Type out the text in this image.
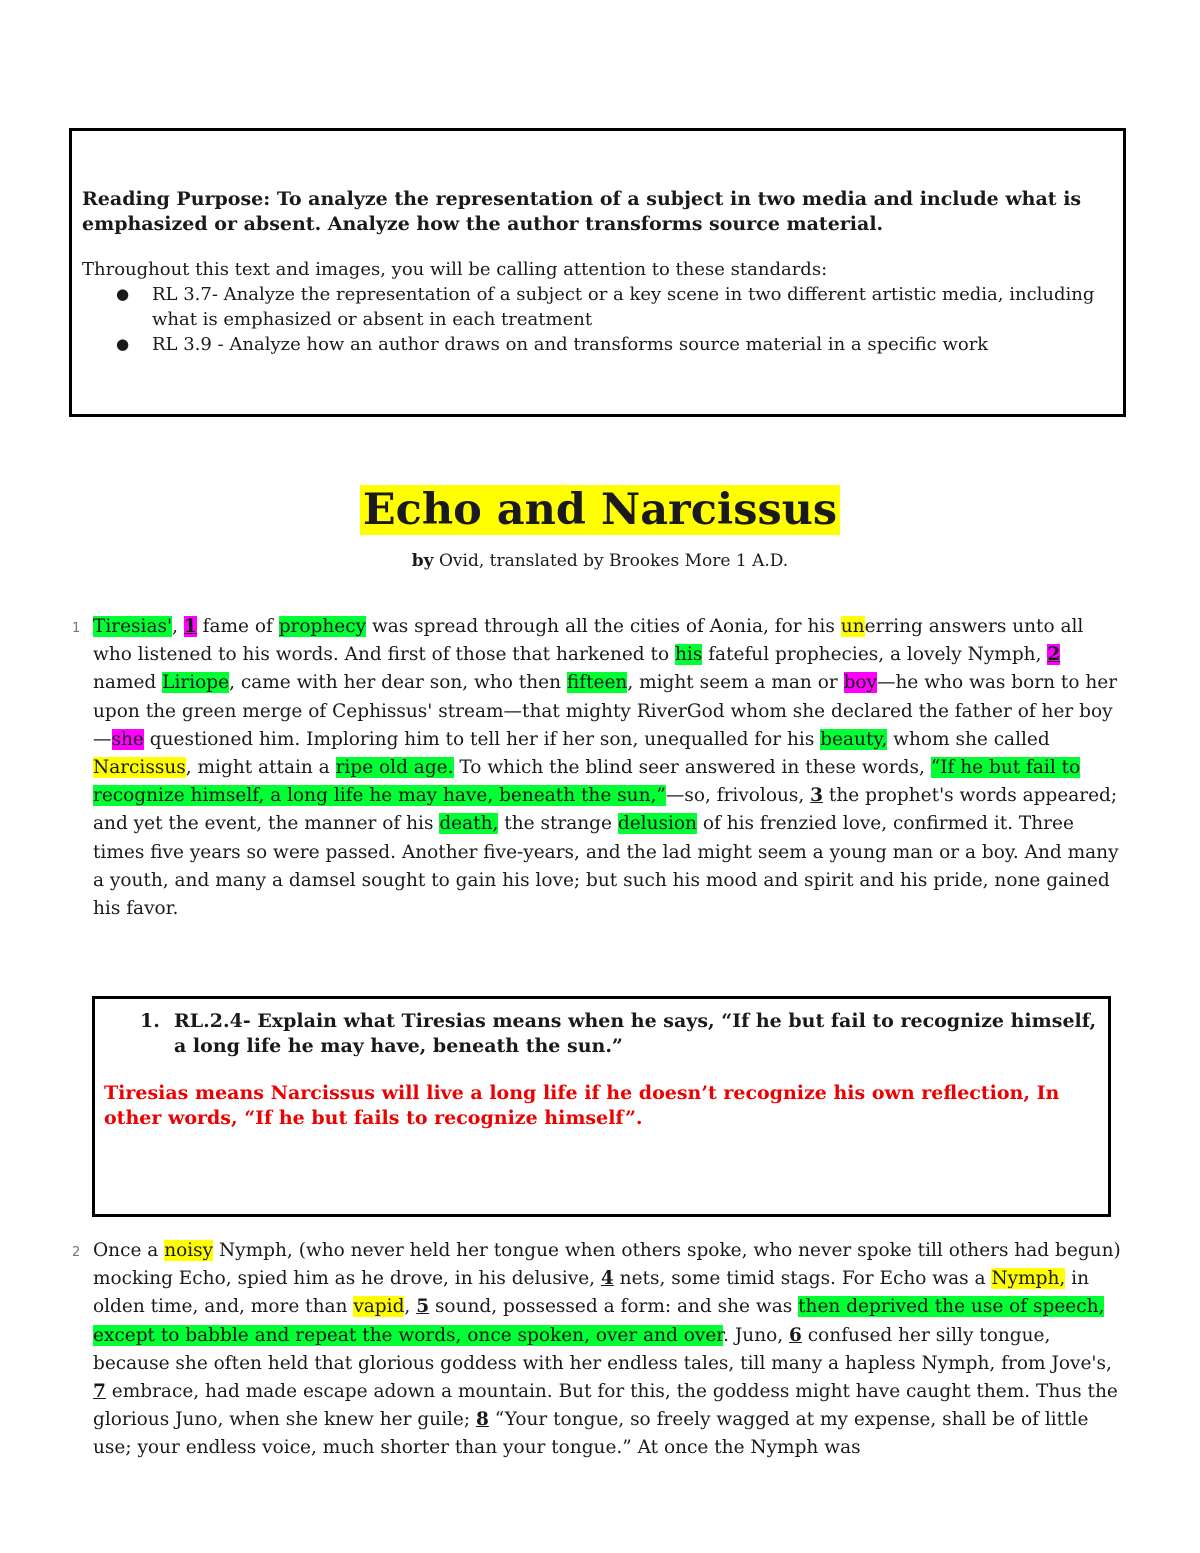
Reading Purpose: To analyze the representation of a subject in two media and include what is emphasized or absent. Analyze how the author transforms source material.

Throughout this text and images, you will be calling attention to these standards:

● RL 3.7- Analyze the representation of a subject or a key scene in two different artistic media, including what is emphasized or absent in each treatment
● RL 3.9 - Analyze how an author draws on and transforms source material in a specific work
Echo and Narcissus
by Ovid, translated by Brookes More 1 A.D.

1 Tiresias', 1 fame of prophecy was spread through all the cities of Aonia, for his unerring answers unto all who listened to his words. And first of those that harkened to his fateful prophecies, a lovely Nymph, 2 named Liriope, came with her dear son, who then fifteen, might seem a man or boy—he who was born to her upon the green merge of Cephissus' stream—that mighty RiverGod whom she declared the father of her boy—she questioned him. Imploring him to tell her if her son, unequalled for his beauty, whom she called Narcissus, might attain a ripe old age. To which the blind seer answered in these words, “If he but fail to recognize himself, a long life he may have, beneath the sun,”—so, frivolous, 3 the prophet's words appeared; and yet the event, the manner of his death, the strange delusion of his frenzied love, confirmed it. Three times five years so were passed. Another five-years, and the lad might seem a young man or a boy. And many a youth, and many a damsel sought to gain his love; but such his mood and spirit and his pride, none gained his favor.

1. RL.2.4- Explain what Tiresias means when he says, “If he but fail to recognize himself, a long life he may have, beneath the sun.”

Tiresias means Narcissus will live a long life if he doesn’t recognize his own reflection, In other words, “If he but fails to recognize himself”.

2 Once a noisy Nymph, (who never held her tongue when others spoke, who never spoke till others had begun) mocking Echo, spied him as he drove, in his delusive, 4 nets, some timid stags. For Echo was a Nymph, in olden time, and, more than vapid, 5 sound, possessed a form: and she was then deprived the use of speech, except to babble and repeat the words, once spoken, over and over. Juno, 6 confused her silly tongue, because she often held that glorious goddess with her endless tales, till many a hapless Nymph, from Jove's, 7 embrace, had made escape adown a mountain. But for this, the goddess might have caught them. Thus the glorious Juno, when she knew her guile; 8 “Your tongue, so freely wagged at my expense, shall be of little use; your endless voice, much shorter than your tongue.” At once the Nymph was
